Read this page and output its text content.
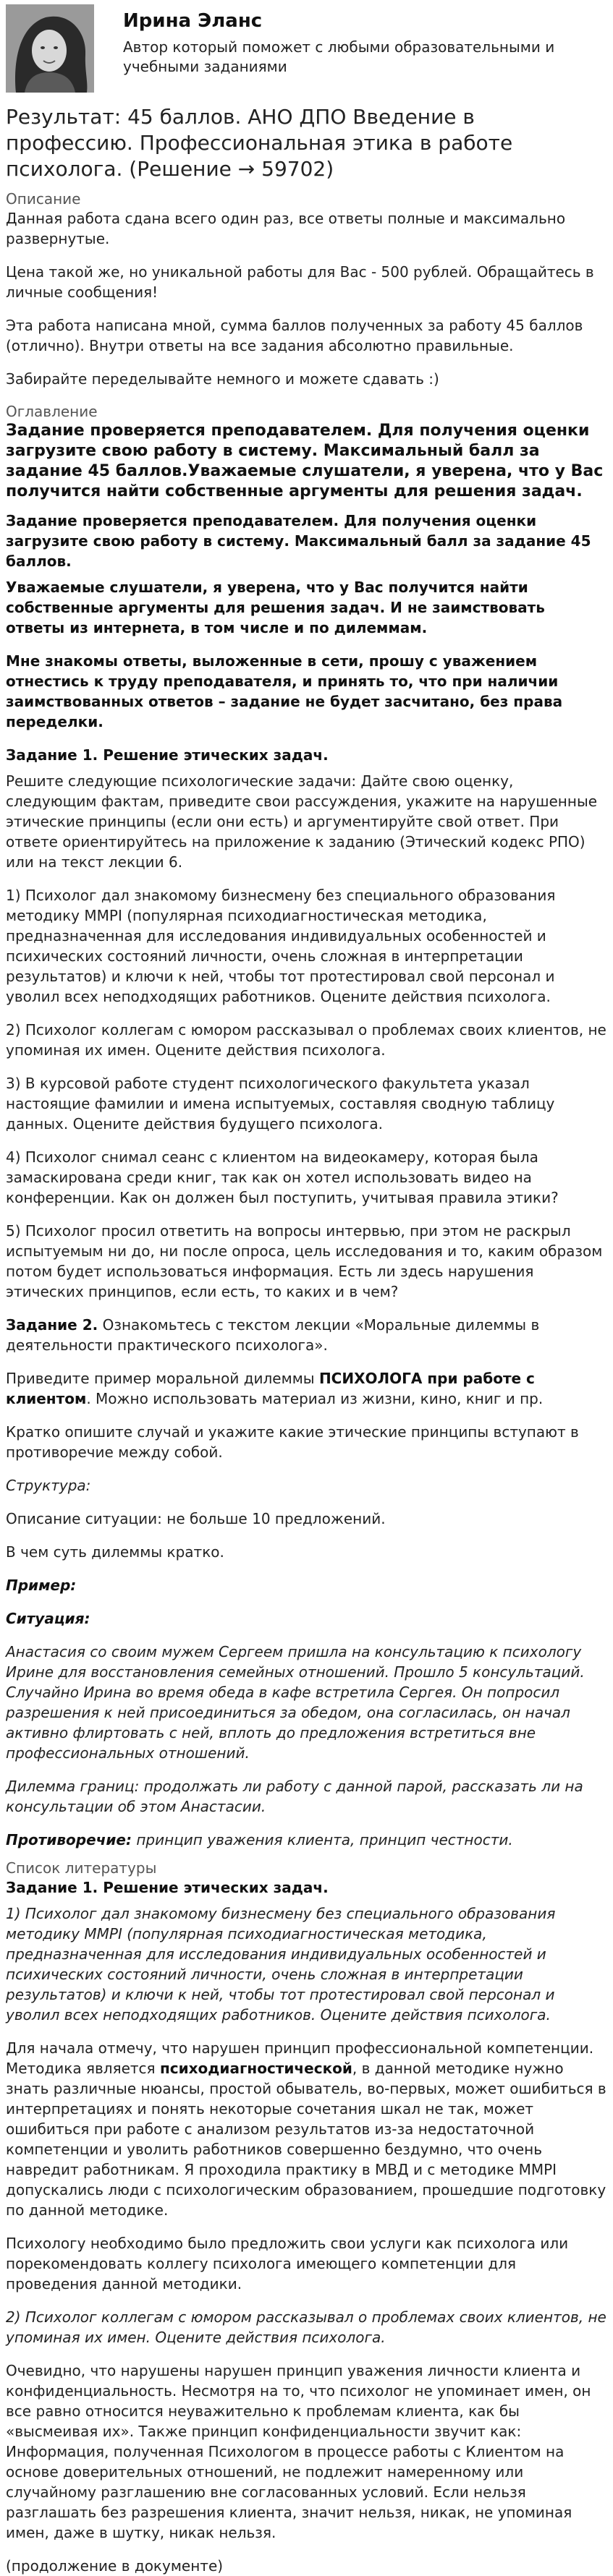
Ирина Эланс
Автор который поможет с любыми образовательными и учебными заданиями
Результат: 45 баллов. АНО ДПО Введение в профессию. Профессиональная этика в работе психолога. (Решение → 59702)
Описание

Данная работа сдана всего один раз, все ответы полные и максимально развернутые.

Цена такой же, но уникальной работы для Вас - 500 рублей. Обращайтесь в личные сообщения!

Эта работа написана мной, сумма баллов полученных за работу 45 баллов (отлично). Внутри ответы на все задания абсолютно правильные.

Забирайте переделывайте немного и можете сдавать :)

Оглавление
Задание проверяется преподавателем. Для получения оценки загрузите свою работу в систему. Максимальный балл за задание 45 баллов.Уважаемые слушатели, я уверена, что у Вас получится найти собственные аргументы для решения задач.

Задание проверяется преподавателем. Для получения оценки загрузите свою работу в систему. Максимальный балл за задание 45 баллов.

Уважаемые слушатели, я уверена, что у Вас получится найти собственные аргументы для решения задач. И не заимствовать ответы из интернета, в том числе и по дилеммам.

Мне знакомы ответы, выложенные в сети, прошу с уважением отнестись к труду преподавателя, и принять то, что при наличии заимствованных ответов – задание не будет засчитано, без права переделки.

Задание 1. Решение этических задач.

Решите следующие психологические задачи: Дайте свою оценку, следующим фактам, приведите свои рассуждения, укажите на нарушенные этические принципы (если они есть) и аргументируйте свой ответ. При ответе ориентируйтесь на приложение к заданию (Этический кодекс РПО) или на текст лекции 6.

1) Психолог дал знакомому бизнесмену без специального образования методику MMPI (популярная психодиагностическая методика, предназначенная для исследования индивидуальных особенностей и психических состояний личности, очень сложная в интерпретации результатов) и ключи к ней, чтобы тот протестировал свой персонал и уволил всех неподходящих работников. Оцените действия психолога.

2) Психолог коллегам с юмором рассказывал о проблемах своих клиентов, не упоминая их имен. Оцените действия психолога.

3) В курсовой работе студент психологического факультета указал настоящие фамилии и имена испытуемых, составляя сводную таблицу данных. Оцените действия будущего психолога.

4) Психолог снимал сеанс с клиентом на видеокамеру, которая была замаскирована среди книг, так как он хотел использовать видео на конференции. Как он должен был поступить, учитывая правила этики?

5) Психолог просил ответить на вопросы интервью, при этом не раскрыл испытуемым ни до, ни после опроса, цель исследования и то, каким образом потом будет использоваться информация. Есть ли здесь нарушения этических принципов, если есть, то каких и в чем?

Задание 2. Ознакомьтесь с текстом лекции «Моральные дилеммы в деятельности практического психолога».

Приведите пример моральной дилеммы ПСИХОЛОГА при работе с клиентом. Можно использовать материал из жизни, кино, книг и пр.

Кратко опишите случай и укажите какие этические принципы вступают в противоречие между собой.

Структура:

Описание ситуации: не больше 10 предложений.

В чем суть дилеммы кратко.

Пример:

Ситуация:

Анастасия со своим мужем Сергеем пришла на консультацию к психологу Ирине для восстановления семейных отношений. Прошло 5 консультаций. Случайно Ирина во время обеда в кафе встретила Сергея. Он попросил разрешения к ней присоединиться за обедом, она согласилась, он начал активно флиртовать с ней, вплоть до предложения встретиться вне профессиональных отношений.

Дилемма границ: продолжать ли работу с данной парой, рассказать ли на консультации об этом Анастасии.

Противоречие: принцип уважения клиента, принцип честности.

Список литературы

Задание 1. Решение этических задач.

1) Психолог дал знакомому бизнесмену без специального образования методику MMPI (популярная психодиагностическая методика, предназначенная для исследования индивидуальных особенностей и психических состояний личности, очень сложная в интерпретации результатов) и ключи к ней, чтобы тот протестировал свой персонал и уволил всех неподходящих работников. Оцените действия психолога.

Для начала отмечу, что нарушен принцип профессиональной компетенции. Методика является психодиагностической, в данной методике нужно знать различные нюансы, простой обыватель, во-первых, может ошибиться в интерпретациях и понять некоторые сочетания шкал не так, может ошибиться при работе с анализом результатов из-за недостаточной компетенции и уволить работников совершенно бездумно, что очень навредит работникам. Я проходила практику в МВД и с методике MMPI допускались люди с психологическим образованием, прошедшие подготовку по данной методике.

Психологу необходимо было предложить свои услуги как психолога или порекомендовать коллегу психолога имеющего компетенции для проведения данной методики.

2) Психолог коллегам с юмором рассказывал о проблемах своих клиентов, не упоминая их имен. Оцените действия психолога.

Очевидно, что нарушены нарушен принцип уважения личности клиента и конфиденциальность. Несмотря на то, что психолог не упоминает имен, он все равно относится неуважительно к проблемам клиента, как бы «высмеивая их». Также принцип конфиденциальности звучит как: Информация, полученная Психологом в процессе работы с Клиентом на основе доверительных отношений, не подлежит намеренному или случайному разглашению вне согласованных условий. Если нельзя разглашать без разрешения клиента, значит нельзя, никак, не упоминая имен, даже в шутку, никак нельзя.

(продолжение в документе)
